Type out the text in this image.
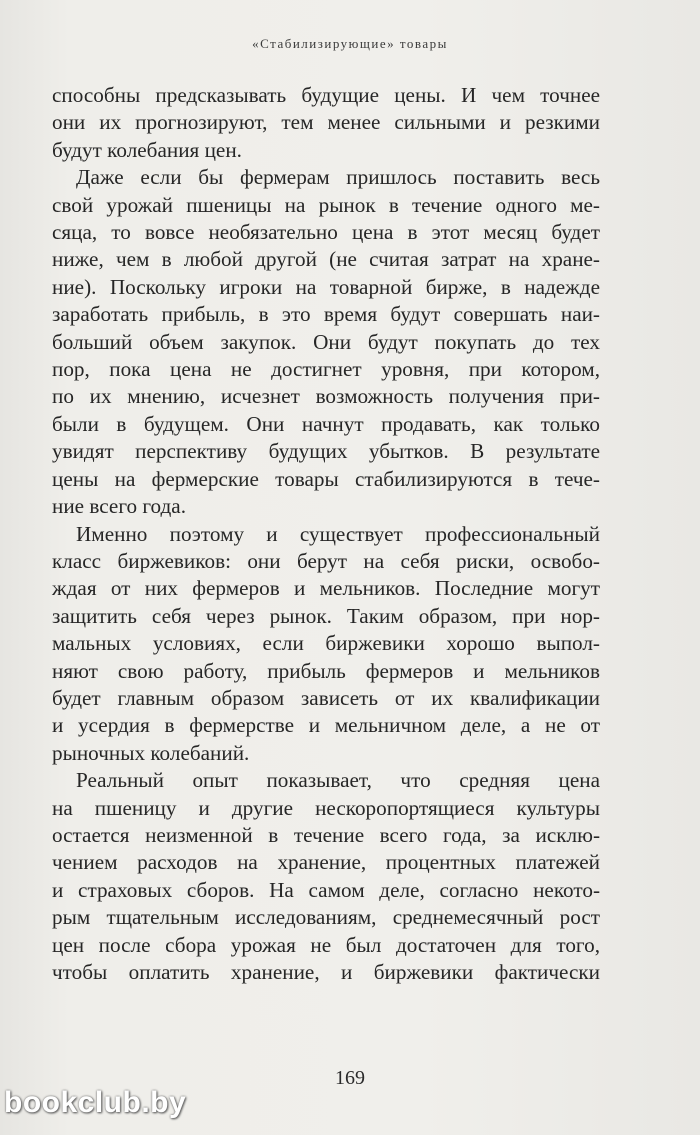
«Стабилизирующие» товары
способны предсказывать будущие цены. И чем точнее
они их прогнозируют, тем менее сильными и резкими
будут колебания цен.
Даже если бы фермерам пришлось поставить весь
свой урожай пшеницы на рынок в течение одного ме-
сяца, то вовсе необязательно цена в этот месяц будет
ниже, чем в любой другой (не считая затрат на хране-
ние). Поскольку игроки на товарной бирже, в надежде
заработать прибыль, в это время будут совершать наи-
больший объем закупок. Они будут покупать до тех
пор, пока цена не достигнет уровня, при котором,
по их мнению, исчезнет возможность получения при-
были в будущем. Они начнут продавать, как только
увидят перспективу будущих убытков. В результате
цены на фермерские товары стабилизируются в тече-
ние всего года.
Именно поэтому и существует профессиональный
класс биржевиков: они берут на себя риски, освобо-
ждая от них фермеров и мельников. Последние могут
защитить себя через рынок. Таким образом, при нор-
мальных условиях, если биржевики хорошо выпол-
няют свою работу, прибыль фермеров и мельников
будет главным образом зависеть от их квалификации
и усердия в фермерстве и мельничном деле, а не от
рыночных колебаний.
Реальный опыт показывает, что средняя цена
на пшеницу и другие нескоропортящиеся культуры
остается неизменной в течение всего года, за исклю-
чением расходов на хранение, процентных платежей
и страховых сборов. На самом деле, согласно некото-
рым тщательным исследованиям, среднемесячный рост
цен после сбора урожая не был достаточен для того,
чтобы оплатить хранение, и биржевики фактически
169
bookclub.by
